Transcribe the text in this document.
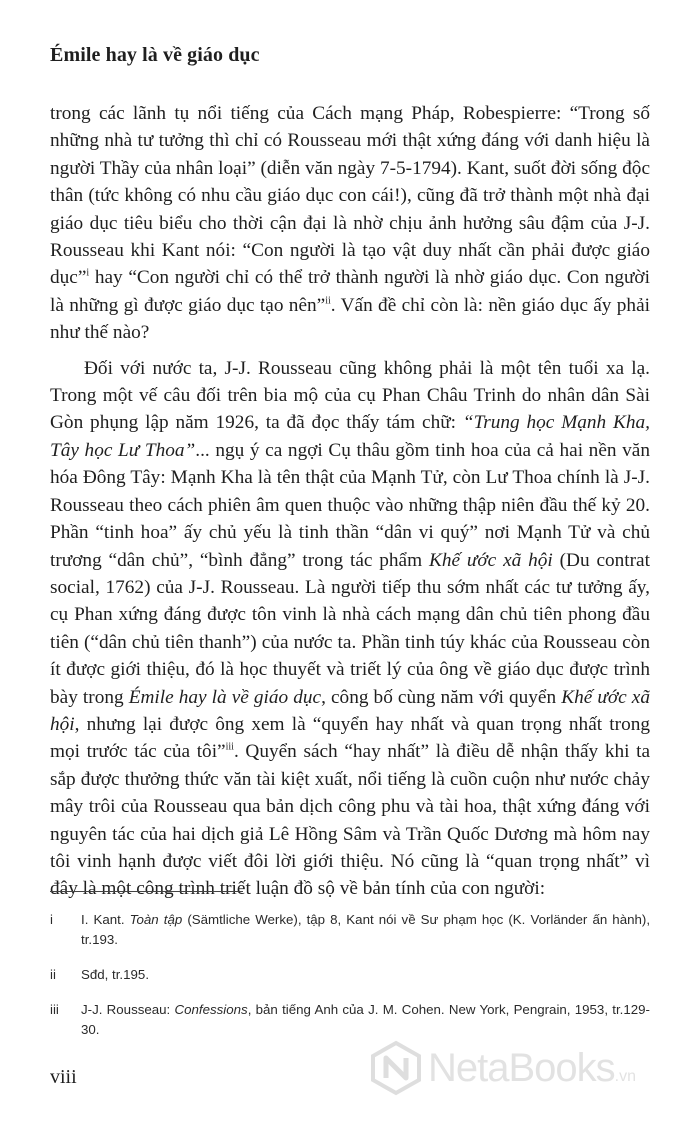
Émile hay là về giáo dục

trong các lãnh tụ nổi tiếng của Cách mạng Pháp, Robespierre: “Trong số những nhà tư tưởng thì chỉ có Rousseau mới thật xứng đáng với danh hiệu là người Thầy của nhân loại” (diễn văn ngày 7-5-1794). Kant, suốt đời sống độc thân (tức không có nhu cầu giáo dục con cái!), cũng đã trở thành một nhà đại giáo dục tiêu biểu cho thời cận đại là nhờ chịu ảnh hưởng sâu đậm của J-J. Rousseau khi Kant nói: “Con người là tạo vật duy nhất cần phải được giáo dục”$^i$ hay “Con người chỉ có thể trở thành người là nhờ giáo dục. Con người là những gì được giáo dục tạo nên”$^{ii}$. Vấn đề chỉ còn là: nền giáo dục ấy phải như thế nào?

Đối với nước ta, J-J. Rousseau cũng không phải là một tên tuổi xa lạ. Trong một vế câu đối trên bia mộ của cụ Phan Châu Trinh do nhân dân Sài Gòn phụng lập năm 1926, ta đã đọc thấy tám chữ: “Trung học Mạnh Kha, Tây học Lư Thoa”... ngụ ý ca ngợi Cụ thâu gồm tinh hoa của cả hai nền văn hóa Đông Tây: Mạnh Kha là tên thật của Mạnh Tử, còn Lư Thoa chính là J-J. Rousseau theo cách phiên âm quen thuộc vào những thập niên đầu thế kỷ 20. Phần “tinh hoa” ấy chủ yếu là tinh thần “dân vi quý” nơi Mạnh Tử và chủ trương “dân chủ”, “bình đẳng” trong tác phẩm Khế ước xã hội (Du contrat social, 1762) của J-J. Rousseau. Là người tiếp thu sớm nhất các tư tưởng ấy, cụ Phan xứng đáng được tôn vinh là nhà cách mạng dân chủ tiên phong đầu tiên (“dân chủ tiên thanh”) của nước ta. Phần tinh túy khác của Rousseau còn ít được giới thiệu, đó là học thuyết và triết lý của ông về giáo dục được trình bày trong Émile hay là về giáo dục, công bố cùng năm với quyển Khế ước xã hội, nhưng lại được ông xem là “quyển hay nhất và quan trọng nhất trong mọi trước tác của tôi”$^{iii}$. Quyển sách “hay nhất” là điều dễ nhận thấy khi ta sắp được thưởng thức văn tài kiệt xuất, nổi tiếng là cuồn cuộn như nước chảy mây trôi của Rousseau qua bản dịch công phu và tài hoa, thật xứng đáng với nguyên tác của hai dịch giả Lê Hồng Sâm và Trần Quốc Dương mà hôm nay tôi vinh hạnh được viết đôi lời giới thiệu. Nó cũng là “quan trọng nhất” vì đây là một công trình triết luận đồ sộ về bản tính của con người:

i	I. Kant. Toàn tập (Sämtliche Werke), tập 8, Kant nói về Sư phạm học (K. Vorländer ấn hành), tr.193.
ii	Sđd, tr.195.
iii	J-J. Rousseau: Confessions, bản tiếng Anh của J. M. Cohen. New York, Pengrain, 1953, tr.129-30.
viii	NetaBooks.vn
